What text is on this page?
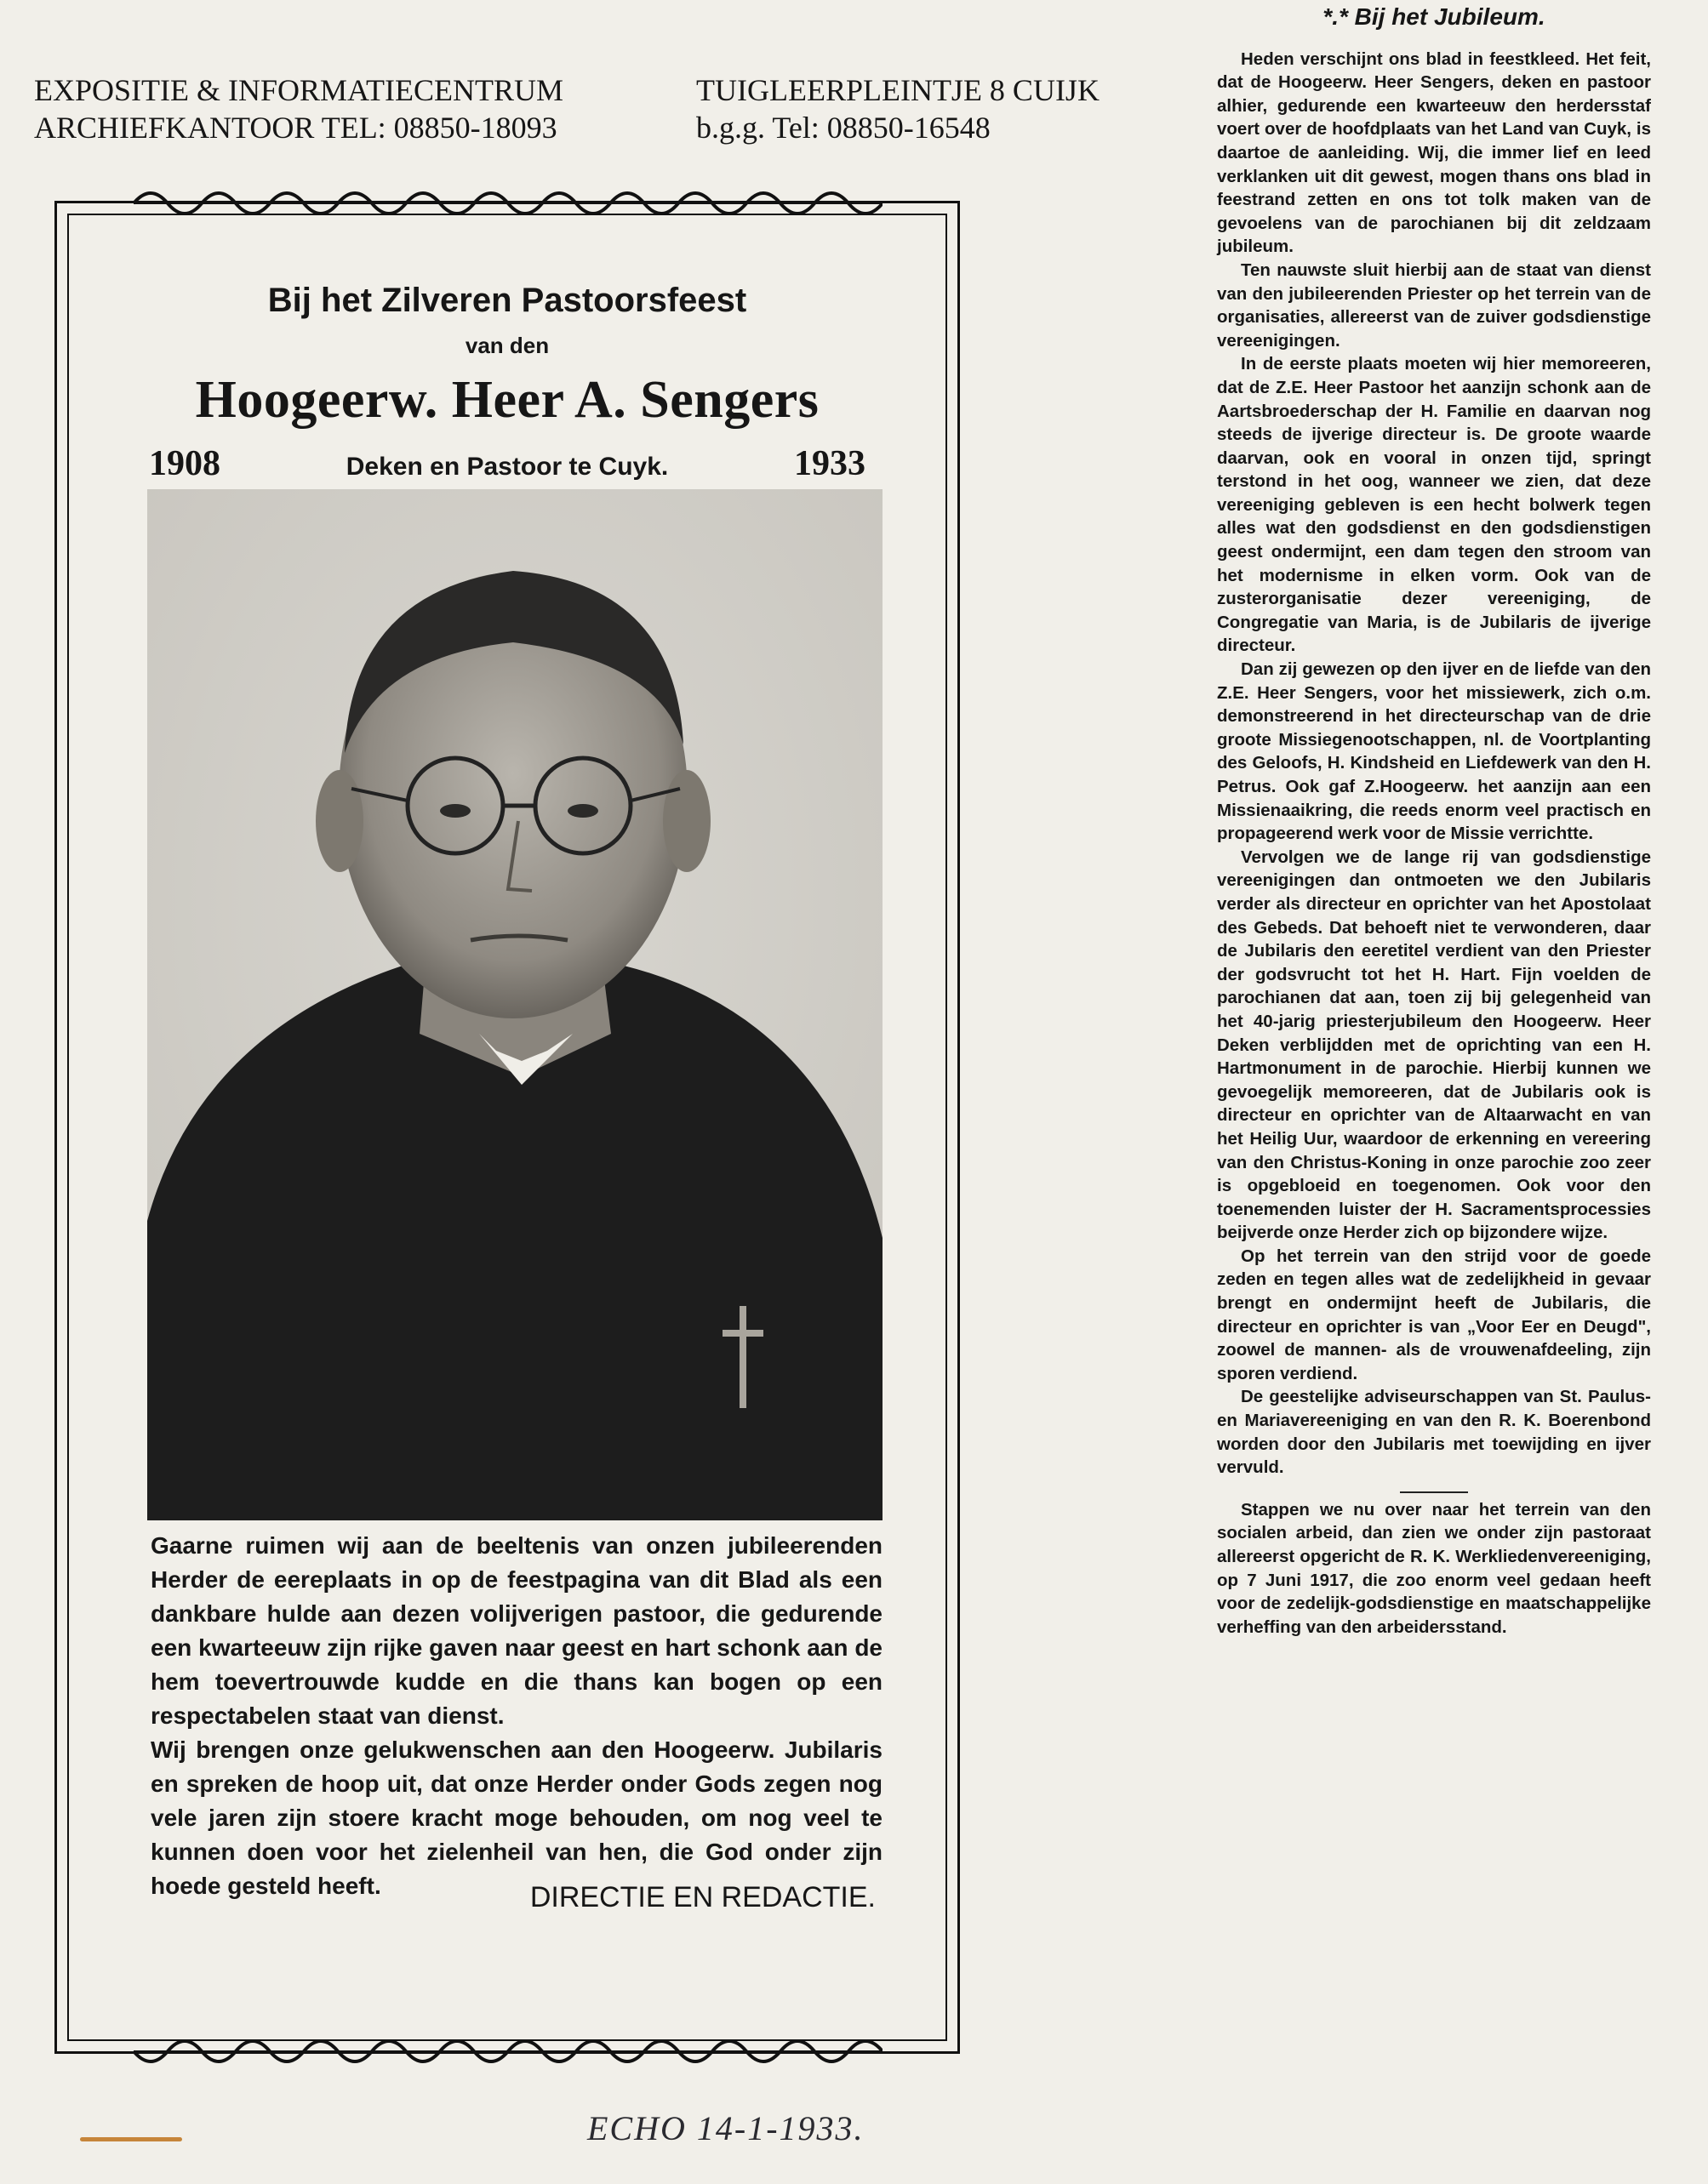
EXPOSITIE & INFORMATIECENTRUM	TUIGLEERPLEINTJE 8 CUIJK
ARCHIEFKANTOOR TEL: 08850-18093	b.g.g. Tel: 08850-16548
Bij het Zilveren Pastoorsfeest
van den
Hoogeerw. Heer A. Sengers
1908	Deken en Pastoor te Cuyk.	1933

Gaarne ruimen wij aan de beeltenis van onzen jubileerenden Herder de eereplaats in op de feestpagina van dit Blad als een dankbare hulde aan dezen volijverigen pastoor, die gedurende een kwarteeuw zijn rijke gaven naar geest en hart schonk aan de hem toevertrouwde kudde en die thans kan bogen op een respectabelen staat van dienst.

Wij brengen onze gelukwenschen aan den Hoogeerw. Jubilaris en spreken de hoop uit, dat onze Herder onder Gods zegen nog vele jaren zijn stoere kracht moge behouden, om nog veel te kunnen doen voor het zielenheil van hen, die God onder zijn hoede gesteld heeft.	DIRECTIE EN REDACTIE.
*.* Bij het Jubileum.

Heden verschijnt ons blad in feestkleed. Het feit, dat de Hoogeerw. Heer Sengers, deken en pastoor alhier, gedurende een kwarteeuw den herdersstaf voert over de hoofdplaats van het Land van Cuyk, is daartoe de aanleiding. Wij, die immer lief en leed verklanken uit dit gewest, mogen thans ons blad in feestrand zetten en ons tot tolk maken van de gevoelens van de parochianen bij dit zeldzaam jubileum.

Ten nauwste sluit hierbij aan de staat van dienst van den jubileerenden Priester op het terrein van de organisaties, allereerst van de zuiver godsdienstige vereenigingen.

In de eerste plaats moeten wij hier memoreeren, dat de Z.E. Heer Pastoor het aanzijn schonk aan de Aartsbroederschap der H. Familie en daarvan nog steeds de ijverige directeur is. De groote waarde daarvan, ook en vooral in onzen tijd, springt terstond in het oog, wanneer we zien, dat deze vereeniging gebleven is een hecht bolwerk tegen alles wat den godsdienst en den godsdienstigen geest ondermijnt, een dam tegen den stroom van het modernisme in elken vorm. Ook van de zusterorganisatie dezer vereeniging, de Congregatie van Maria, is de Jubilaris de ijverige directeur.

Dan zij gewezen op den ijver en de liefde van den Z.E. Heer Sengers, voor het missiewerk, zich o.m. demonstreerend in het directeurschap van de drie groote Missiegenootschappen, nl. de Voortplanting des Geloofs, H. Kindsheid en Liefdewerk van den H. Petrus. Ook gaf Z.Hoogeerw. het aanzijn aan een Missienaaikring, die reeds enorm veel practisch en propageerend werk voor de Missie verrichtte.

Vervolgen we de lange rij van godsdienstige vereenigingen dan ontmoeten we den Jubilaris verder als directeur en oprichter van het Apostolaat des Gebeds. Dat behoeft niet te verwonderen, daar de Jubilaris den eeretitel verdient van den Priester der godsvrucht tot het H. Hart. Fijn voelden de parochianen dat aan, toen zij bij gelegenheid van het 40-jarig priesterjubileum den Hoogeerw. Heer Deken verblijdden met de oprichting van een H. Hartmonument in de parochie. Hierbij kunnen we gevoegelijk memoreeren, dat de Jubilaris ook is directeur en oprichter van de Altaarwacht en van het Heilig Uur, waardoor de erkenning en vereering van den Christus-Koning in onze parochie zoo zeer is opgebloeid en toegenomen. Ook voor den toenemenden luister der H. Sacramentsprocessies beijverde onze Herder zich op bijzondere wijze.

Op het terrein van den strijd voor de goede zeden en tegen alles wat de zedelijkheid in gevaar brengt en ondermijnt heeft de Jubilaris, die directeur en oprichter is van „Voor Eer en Deugd", zoowel de mannen- als de vrouwenafdeeling, zijn sporen verdiend.

De geestelijke adviseurschappen van St. Paulus- en Mariavereeniging en van den R. K. Boerenbond worden door den Jubilaris met toewijding en ijver vervuld.

Stappen we nu over naar het terrein van den socialen arbeid, dan zien we onder zijn pastoraat allereerst opgericht de R. K. Werkliedenvereeniging, op 7 Juni 1917, die zoo enorm veel gedaan heeft voor de zedelijk-godsdienstige en maatschappelijke verheffing van den arbeidersstand.

ECHO 14-1-1933.
